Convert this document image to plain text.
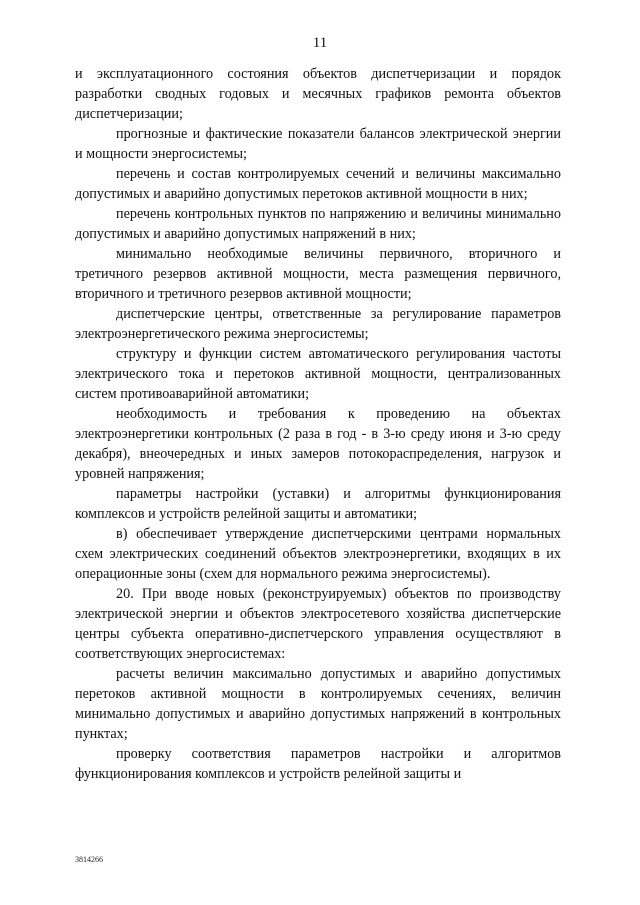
11

и эксплуатационного состояния объектов диспетчеризации и порядок разработки сводных годовых и месячных графиков ремонта объектов диспетчеризации;

прогнозные и фактические показатели балансов электрической энергии и мощности энергосистемы;

перечень и состав контролируемых сечений и величины максимально допустимых и аварийно допустимых перетоков активной мощности в них;

перечень контрольных пунктов по напряжению и величины минимально допустимых и аварийно допустимых напряжений в них;

минимально необходимые величины первичного, вторичного и третичного резервов активной мощности, места размещения первичного, вторичного и третичного резервов активной мощности;

диспетчерские центры, ответственные за регулирование параметров электроэнергетического режима энергосистемы;

структуру и функции систем автоматического регулирования частоты электрического тока и перетоков активной мощности, централизованных систем противоаварийной автоматики;

необходимость и требования к проведению на объектах электроэнергетики контрольных (2 раза в год - в 3-ю среду июня и 3-ю среду декабря), внеочередных и иных замеров потокораспределения, нагрузок и уровней напряжения;

параметры настройки (уставки) и алгоритмы функционирования комплексов и устройств релейной защиты и автоматики;

в) обеспечивает утверждение диспетчерскими центрами нормальных схем электрических соединений объектов электроэнергетики, входящих в их операционные зоны (схем для нормального режима энергосистемы).

20. При вводе новых (реконструируемых) объектов по производству электрической энергии и объектов электросетевого хозяйства диспетчерские центры субъекта оперативно-диспетчерского управления осуществляют в соответствующих энергосистемах:

расчеты величин максимально допустимых и аварийно допустимых перетоков активной мощности в контролируемых сечениях, величин минимально допустимых и аварийно допустимых напряжений в контрольных пунктах;

проверку соответствия параметров настройки и алгоритмов функционирования комплексов и устройств релейной защиты и

3814266
